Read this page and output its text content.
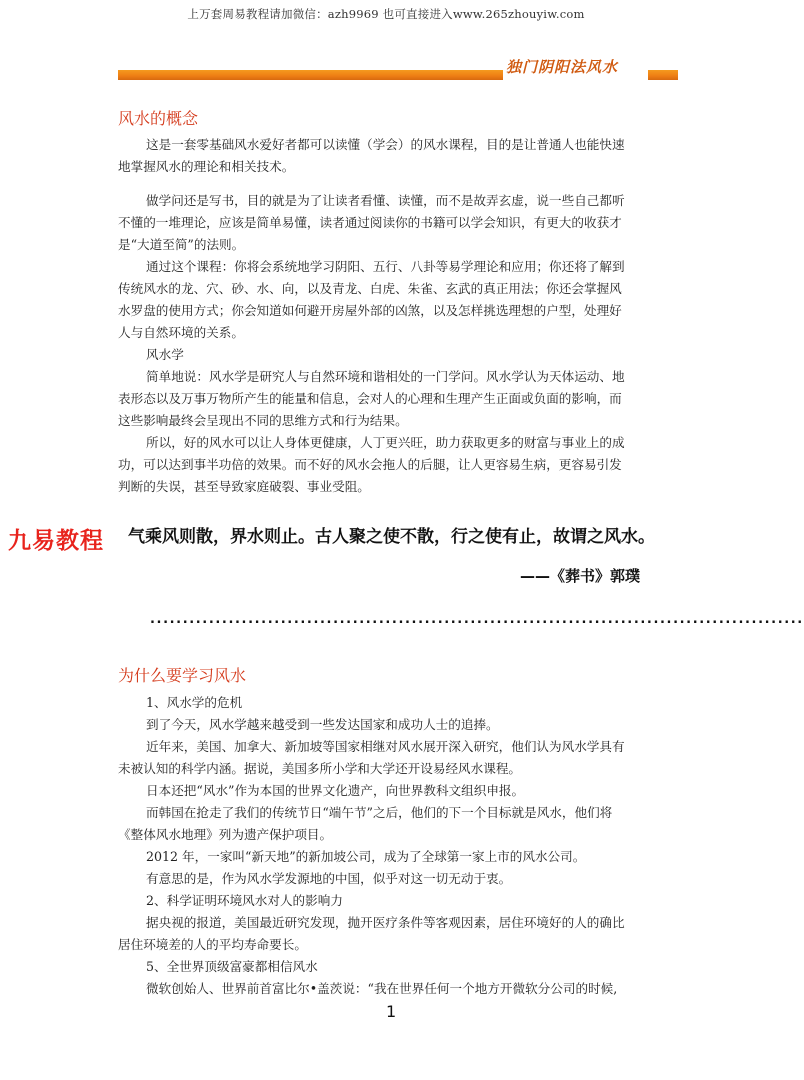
上万套周易教程请加微信：azh9969 也可直接进入www.265zhouyiw.com
独门阴阳法风水
风水的概念
这是一套零基础风水爱好者都可以读懂（学会）的风水课程，目的是让普通人也能快速
地掌握风水的理论和相关技术。
做学问还是写书，目的就是为了让读者看懂、读懂，而不是故弄玄虚，说一些自己都听
不懂的一堆理论，应该是简单易懂，读者通过阅读你的书籍可以学会知识，有更大的收获才
是“大道至简”的法则。
通过这个课程：你将会系统地学习阴阳、五行、八卦等易学理论和应用；你还将了解到
传统风水的龙、穴、砂、水、向，以及青龙、白虎、朱雀、玄武的真正用法；你还会掌握风
水罗盘的使用方式；你会知道如何避开房屋外部的凶煞，以及怎样挑选理想的户型，处理好
人与自然环境的关系。
风水学
简单地说：风水学是研究人与自然环境和谐相处的一门学问。风水学认为天体运动、地
表形态以及万事万物所产生的能量和信息，会对人的心理和生理产生正面或负面的影响，而
这些影响最终会呈现出不同的思维方式和行为结果。
所以，好的风水可以让人身体更健康，人丁更兴旺，助力获取更多的财富与事业上的成
功，可以达到事半功倍的效果。而不好的风水会拖人的后腿，让人更容易生病，更容易引发
判断的失误，甚至导致家庭破裂、事业受阻。
气乘风则散，界水则止。古人聚之使不散，行之使有止，故谓之风水。
九易教程
——《葬书》郭璞
....................................................................................................
为什么要学习风水
1、风水学的危机
到了今天，风水学越来越受到一些发达国家和成功人士的追捧。
近年来，美国、加拿大、新加坡等国家相继对风水展开深入研究，他们认为风水学具有
未被认知的科学内涵。据说，美国多所小学和大学还开设易经风水课程。
日本还把“风水”作为本国的世界文化遗产，向世界教科文组织申报。
而韩国在抢走了我们的传统节日“端午节”之后，他们的下一个目标就是风水，他们将
《整体风水地理》列为遗产保护项目。
2012 年，一家叫“新天地”的新加坡公司，成为了全球第一家上市的风水公司。
有意思的是，作为风水学发源地的中国，似乎对这一切无动于衷。
2、科学证明环境风水对人的影响力
据央视的报道，美国最近研究发现，抛开医疗条件等客观因素，居住环境好的人的确比
居住环境差的人的平均寿命要长。
5、全世界顶级富豪都相信风水
微软创始人、世界前首富比尔•盖茨说：“我在世界任何一个地方开微软分公司的时候,
1
